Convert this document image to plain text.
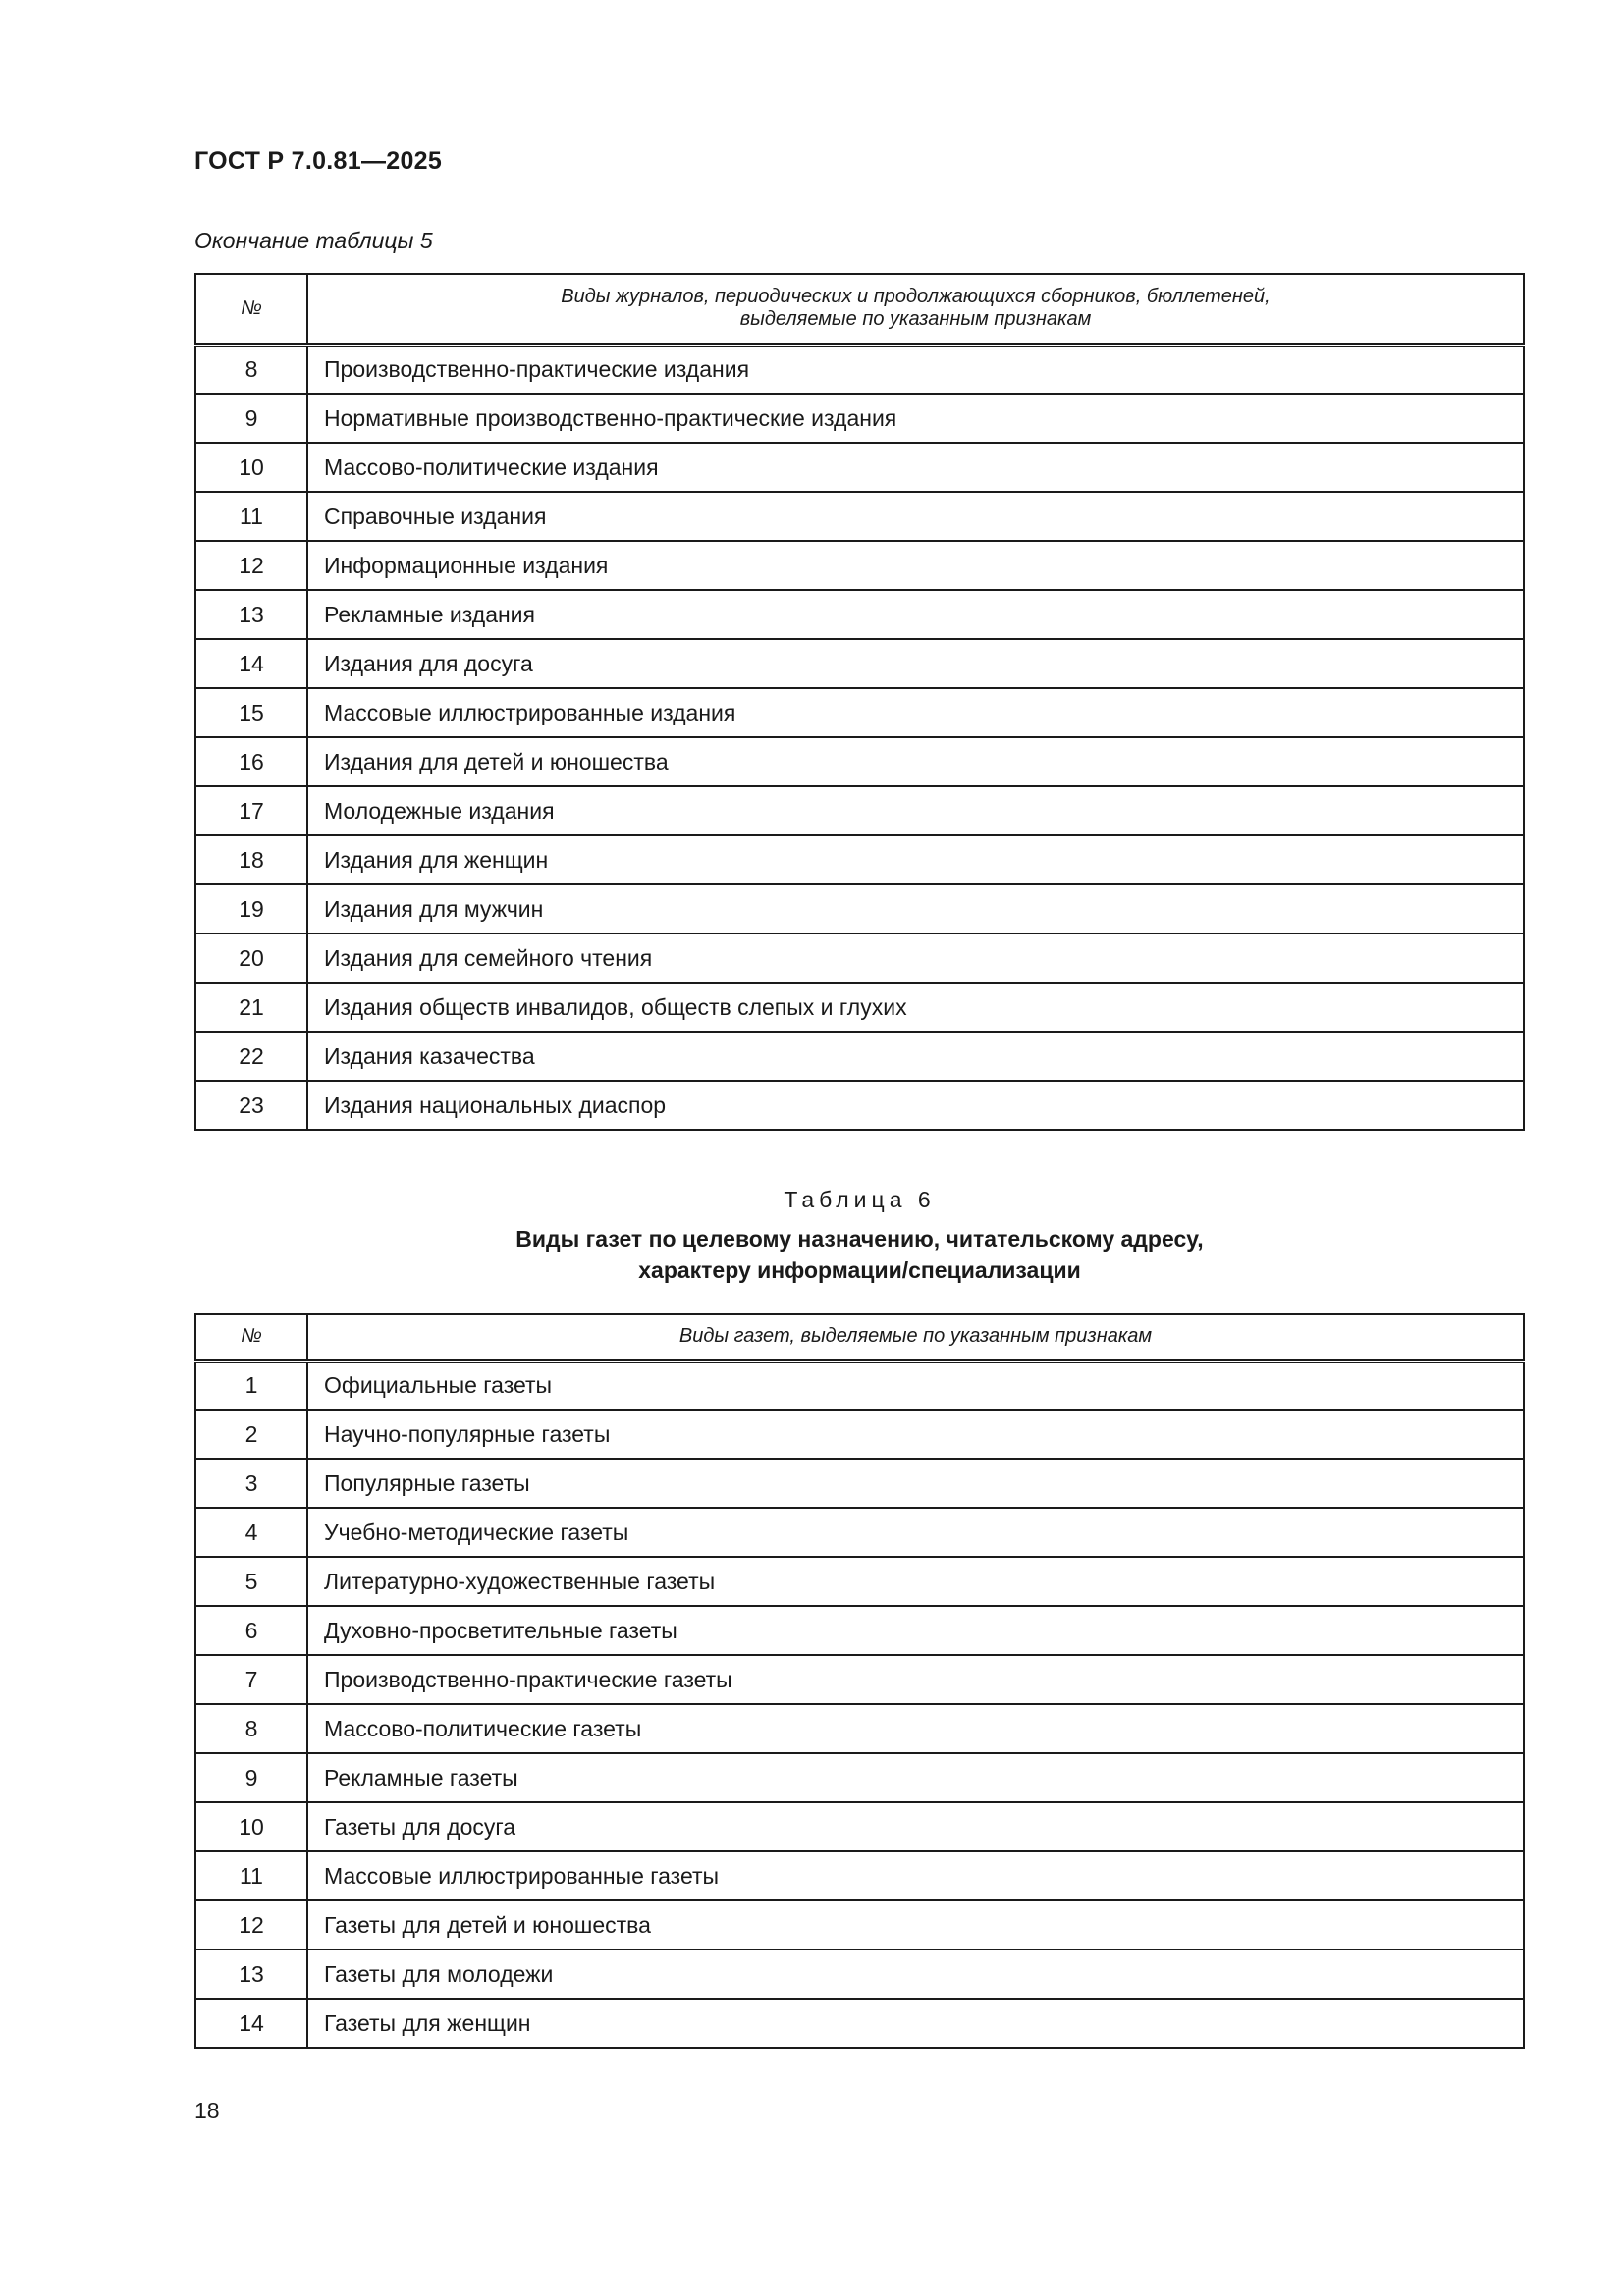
ГОСТ Р 7.0.81—2025

Окончание таблицы 5

№	Виды журналов, периодических и продолжающихся сборников, бюллетеней,
выделяемые по указанным признакам
8	Производственно-практические издания
9	Нормативные производственно-практические издания
10	Массово-политические издания
11	Справочные издания
12	Информационные издания
13	Рекламные издания
14	Издания для досуга
15	Массовые иллюстрированные издания
16	Издания для детей и юношества
17	Молодежные издания
18	Издания для женщин
19	Издания для мужчин
20	Издания для семейного чтения
21	Издания обществ инвалидов, обществ слепых и глухих
22	Издания казачества
23	Издания национальных диаспор

Таблица 6

Виды газет по целевому назначению, читательскому адресу,
характеру информации/специализации

№	Виды газет, выделяемые по указанным признакам
1	Официальные газеты
2	Научно-популярные газеты
3	Популярные газеты
4	Учебно-методические газеты
5	Литературно-художественные газеты
6	Духовно-просветительные газеты
7	Производственно-практические газеты
8	Массово-политические газеты
9	Рекламные газеты
10	Газеты для досуга
11	Массовые иллюстрированные газеты
12	Газеты для детей и юношества
13	Газеты для молодежи
14	Газеты для женщин

18
